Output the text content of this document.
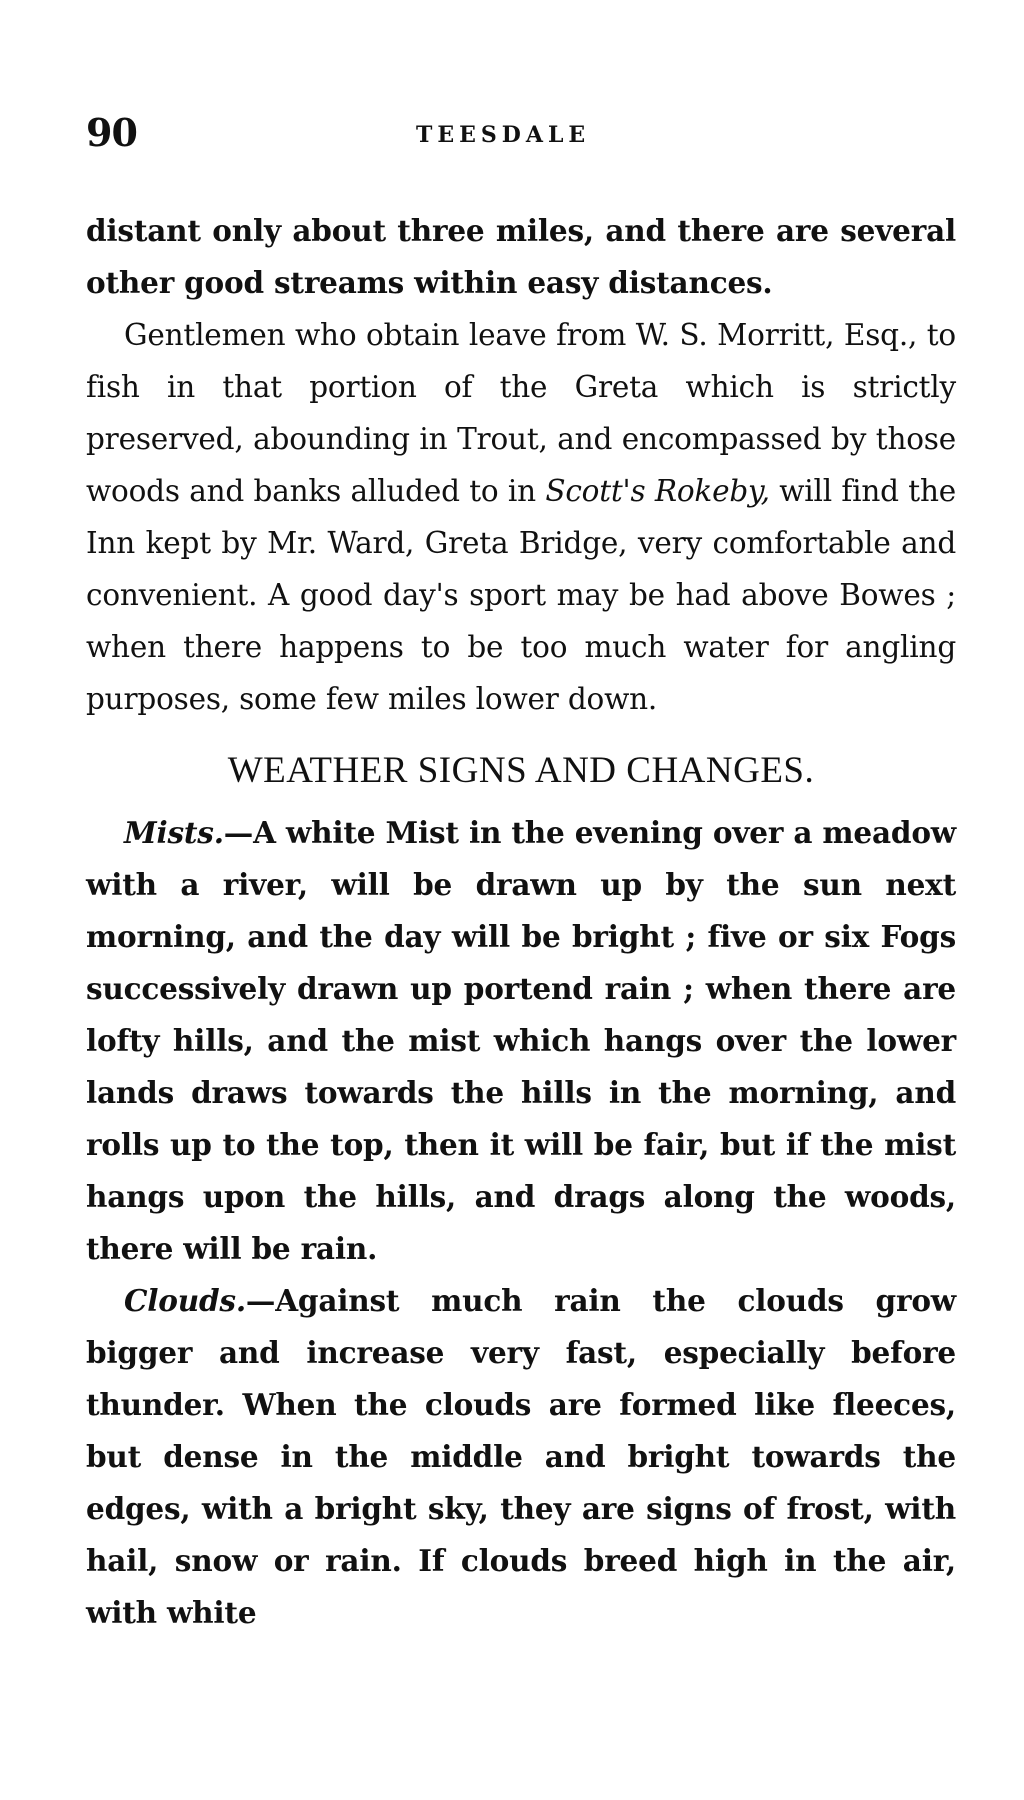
90	TEESDALE

distant only about three miles, and there are several other good streams within easy distances.

Gentlemen who obtain leave from W. S. Morritt, Esq., to fish in that portion of the Greta which is strictly preserved, abounding in Trout, and encompassed by those woods and banks alluded to in Scott's Rokeby, will find the Inn kept by Mr. Ward, Greta Bridge, very comfortable and convenient. A good day's sport may be had above Bowes ; when there happens to be too much water for angling purposes, some few miles lower down.

WEATHER SIGNS AND CHANGES.

Mists.—A white Mist in the evening over a meadow with a river, will be drawn up by the sun next morning, and the day will be bright ; five or six Fogs successively drawn up portend rain ; when there are lofty hills, and the mist which hangs over the lower lands draws towards the hills in the morning, and rolls up to the top, then it will be fair, but if the mist hangs upon the hills, and drags along the woods, there will be rain.

Clouds.—Against much rain the clouds grow bigger and increase very fast, especially before thunder. When the clouds are formed like fleeces, but dense in the middle and bright towards the edges, with a bright sky, they are signs of frost, with hail, snow or rain. If clouds breed high in the air, with white
